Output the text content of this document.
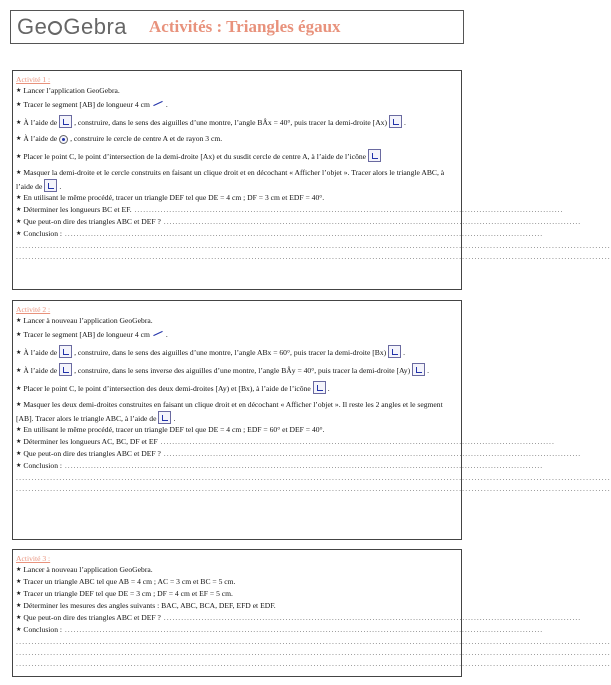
Ge Gebra	Activités : Triangles égaux
Activité 1 :
★ Lancer l’application GeoGebra.
★ Tracer le segment [AB] de longueur 4 cm .
★ À l’aide de , construire, dans le sens des aiguilles d’une montre, l’angle BÂx = 40°, puis tracer la demi-droite [Ax) .
★ À l’aide de , construire le cercle de centre A et de rayon 3 cm.
★ Placer le point C, le point d’intersection de la demi-droite [Ax) et du susdit cercle de centre A, à l’aide de l’icône
★ Masquer la demi-droite et le cercle construits en faisant un clique droit et en décochant « Afficher l’objet ». Tracer alors le triangle ABC, à l’aide de .
★ En utilisant le même procédé, tracer un triangle DEF tel que DE = 4 cm ; DF = 3 cm et EDF = 40°.
★ Déterminer les longueurs BC et EF. ....................................................................................................................................................
★ Que peut-on dire des triangles ABC et DEF ? ................................................................................................................................................
★ Conclusion : .....................................................................................................................................................................
................................................................................................................................................................................................
................................................................................................................................................................................................
Activité 2 :
★ Lancer à nouveau l’application GeoGebra.
★ Tracer le segment [AB] de longueur 4 cm .
★ À l’aide de , construire, dans le sens des aiguilles d’une montre, l’angle ABx = 60°, puis tracer la demi-droite [Bx) .
★ À l’aide de , construire, dans le sens inverse des aiguilles d’une montre, l’angle BÂy = 40°, puis tracer la demi-droite [Ay) .
★ Placer le point C, le point d’intersection des deux demi-droites [Ay) et [Bx), à l’aide de l’icône .
★ Masquer les deux demi-droites construites en faisant un clique droit et en décochant « Afficher l’objet ». Il reste les 2 angles et le segment [AB]. Tracer alors le triangle ABC, à l’aide de .
★ En utilisant le même procédé, tracer un triangle DEF tel que DE = 4 cm ; EDF = 60° et DEF = 40°.
★ Déterminer les longueurs AC, BC, DF et EF ........................................................................................................................................
★ Que peut-on dire des triangles ABC et DEF ? ................................................................................................................................................
★ Conclusion : .....................................................................................................................................................................
................................................................................................................................................................................................
................................................................................................................................................................................................
Activité 3 :
★ Lancer à nouveau l’application GeoGebra.
★ Tracer un triangle ABC tel que AB = 4 cm ; AC = 3 cm et BC = 5 cm.
★ Tracer un triangle DEF tel que DE = 3 cm ; DF = 4 cm et EF = 5 cm.
★ Déterminer les mesures des angles suivants : BAC, ABC, BCA, DEF, EFD et EDF.
★ Que peut-on dire des triangles ABC et DEF ? ................................................................................................................................................
★ Conclusion : .....................................................................................................................................................................
................................................................................................................................................................................................
................................................................................................................................................................................................
................................................................................................................................................................................................
